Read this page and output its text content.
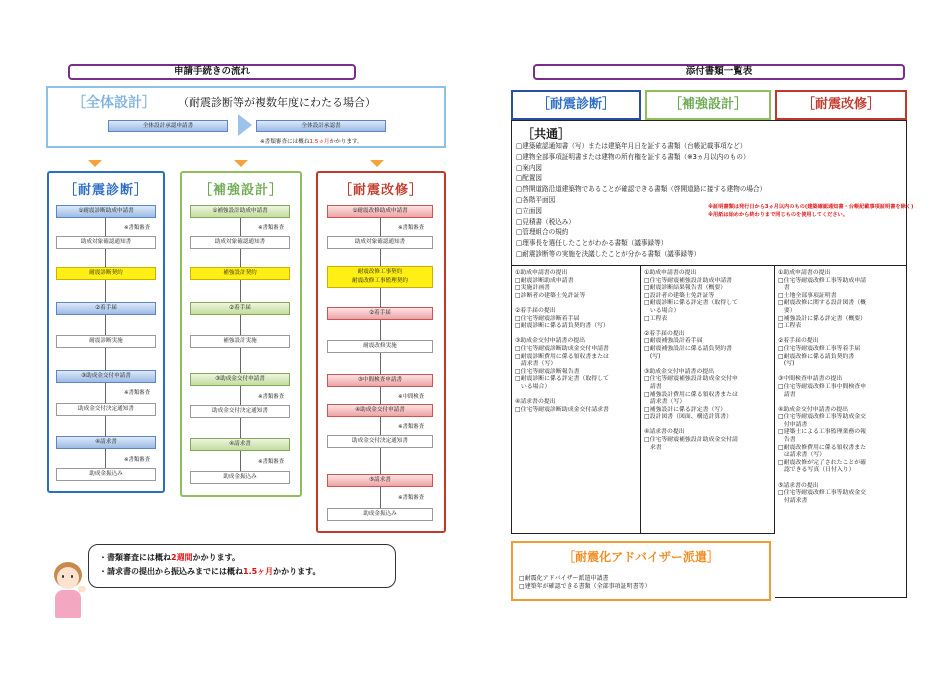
申請手続きの流れ
［全体設計］ （耐震診断等が複数年度にわたる場合）
全体設計承認申請書	全体設計承認書
※書類審査には概ね1.5ヵ月かかります。
［耐震診断］
①耐震診断助成申請書
※書類審査
助成対象確認通知書
耐震診断契約
②着手届
耐震診断実施
③助成金交付申請書
※書類審査
助成金交付決定通知書
④請求書
※書類審査
助成金振込み
［補強設計］
①補強設計助成申請書
※書類審査
助成対象確認通知書
補強設計契約
②着手届
補強設計実施
③助成金交付申請書
※書類審査
助成金交付決定通知書
④請求書
※書類審査
助成金振込み
［耐震改修］
①耐震改修助成申請書
※書類審査
助成対象確認通知書
耐震改修工事契約
耐震改修工事監理契約
②着手届
耐震改修実施
③中間検査申請書
※中間検査
④助成金交付申請書
※書類審査
助成金交付決定通知書
⑤請求書
※書類審査
助成金振込み
・書類審査には概ね2週間かかります。
・請求書の提出から振込みまでには概ね1.5ヶ月かかります。
添付書類一覧表
［耐震診断］	［補強設計］	［耐震改修］
［共通］
□建築確認通知書（写）または建築年月日を証する書類（台帳記載事項など）
□建物全部事項証明書または建物の所有権を証する書類（※3ヵ月以内のもの）
□案内図
□配置図
□啓開道路沿道建築物であることが確認できる書類（啓開道路に接する建物の場合）
□各階平面図
□立面図
□見積書（税込み）
□管理組合の規約
□理事長を選任したことがわかる書類（議事録等）
□耐震診断等の実施を決議したことが分かる書類（議事録等）
※証明書類は発行日から3ヵ月以内のもの(建築確認通知書・台帳記載事項証明書を除く)
※用紙は始めから終わりまで同じものを使用してください。
①助成申請書の提出
□耐震診断助成申請書
□実施計画書
□診断者の建築士免許証等

②着手届の提出
□住宅等耐震診断着手届
□耐震診断に係る請負契約書（写）

③助成金交付申請書の提出
□住宅等耐震診断助成金交付申請書
□耐震診断費用に係る領収書または
　請求書（写）
□住宅等耐震診断報告書
□耐震診断に係る評定書（取得して
　いる場合）

④請求書の提出
□住宅等耐震診断助成金交付請求書
①助成申請書の提出
□住宅等耐震補強設計助成申請書
□耐震診断結果報告書（概要）
□設計者の建築士免許証等
□耐震診断に係る評定書（取得して
　いる場合）
□工程表

②着手届の提出
□耐震補強設計着手届
□耐震補強設計に係る請負契約書
　(写)

③助成金交付申請書の提出
□住宅等耐震補強設計助成金交付申
　請書
□補強設計費用に係る領収書または
　請求書（写）
□補強設計に係る評定書（写）
□設計図書（図面、構造計算書）

④請求書の提出
□住宅等耐震補強設計助成金交付請
　求書
①助成申請書の提出
□住宅等耐震改修工事等助成申請
　書
□土地全部事項証明書
□耐震改修に関する設計図書（概
　要）
□補強設計に係る評定書（概要）
□工程表

②着手届の提出
□住宅等耐震改修工事等着手届
□耐震改修に係る請負契約書
　(写)

③中間検査申請書の提出
□住宅等耐震改修工事中間検査申
　請書

④助成金交付申請書の提出
□住宅等耐震改修工事等助成金交
　付申請書
□建築士による工事監理業務の報
　告書
□耐震改修費用に係る領収書また
　は請求書（写）
□耐震改修が完了されたことが確
　認できる写真（日付入り）

⑤請求書の提出
□住宅等耐震改修工事等助成金交
　付請求書
［耐震化アドバイザー派遣］
□耐震化アドバイザー派遣申請書
□建築年が確認できる書類（全部事項証明書等）
